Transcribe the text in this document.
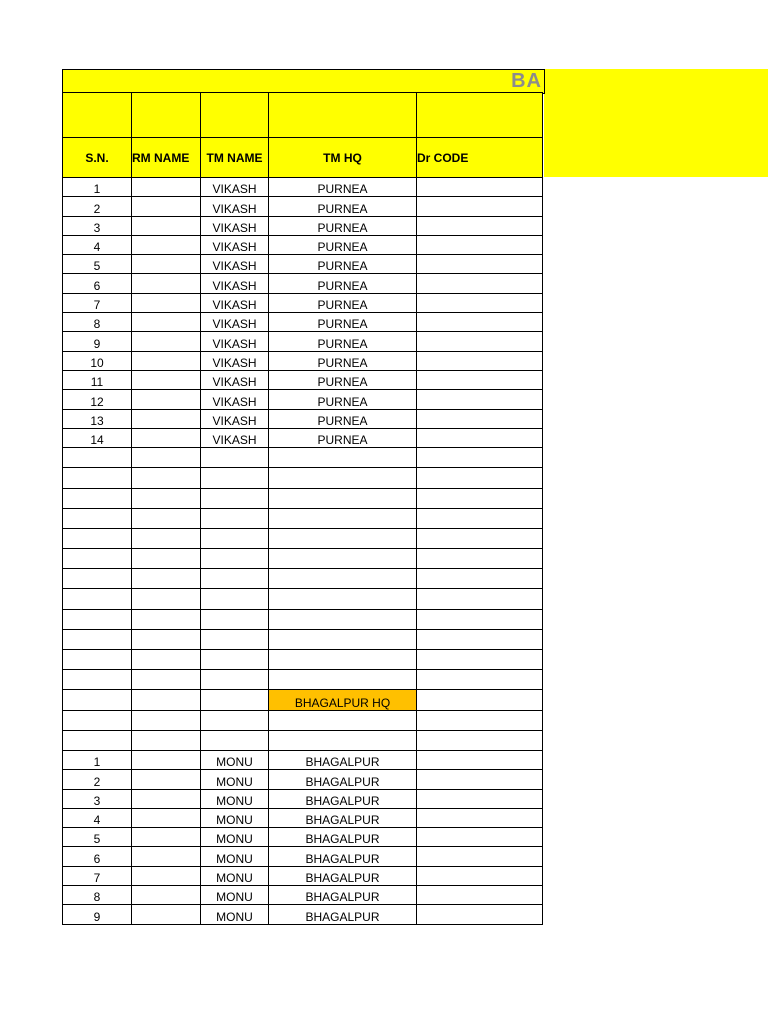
BA

S.N.	RM NAME	TM NAME	TM HQ	Dr CODE
1		VIKASH	PURNEA	
2		VIKASH	PURNEA	
3		VIKASH	PURNEA	
4		VIKASH	PURNEA	
5		VIKASH	PURNEA	
6		VIKASH	PURNEA	
7		VIKASH	PURNEA	
8		VIKASH	PURNEA	
9		VIKASH	PURNEA	
10		VIKASH	PURNEA	
11		VIKASH	PURNEA	
12		VIKASH	PURNEA	
13		VIKASH	PURNEA	
14		VIKASH	PURNEA	

			BHAGALPUR HQ	

1		MONU	BHAGALPUR	
2		MONU	BHAGALPUR	
3		MONU	BHAGALPUR	
4		MONU	BHAGALPUR	
5		MONU	BHAGALPUR	
6		MONU	BHAGALPUR	
7		MONU	BHAGALPUR	
8		MONU	BHAGALPUR	
9		MONU	BHAGALPUR	
